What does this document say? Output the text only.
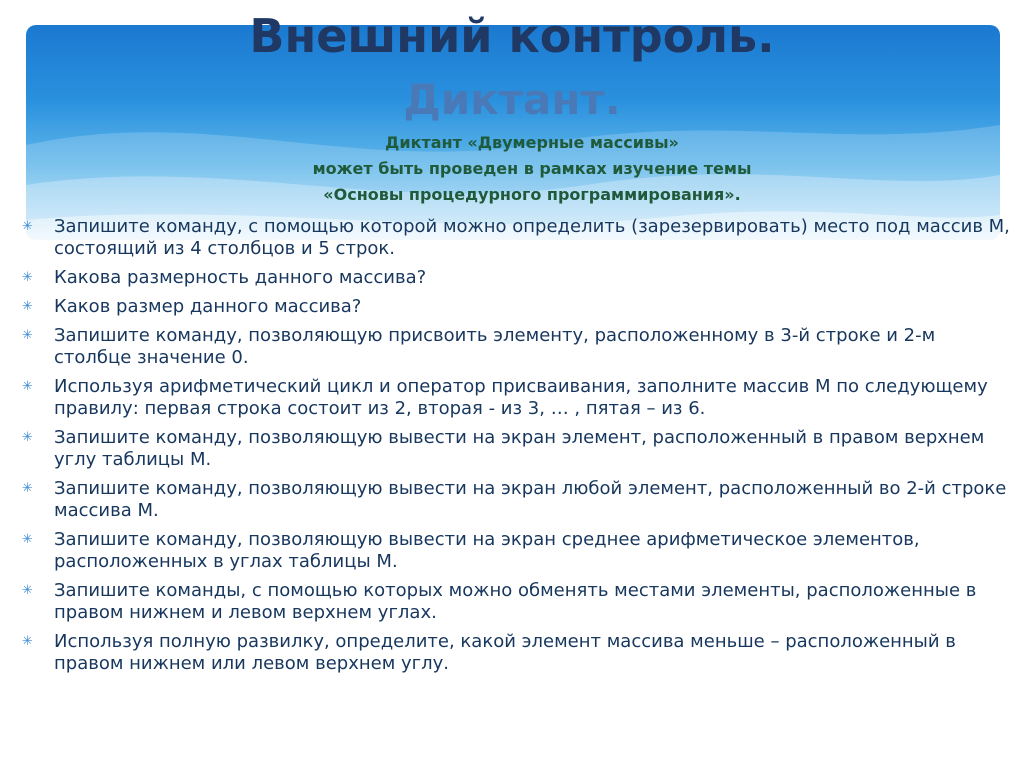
Внешний контроль.
Диктант.
Диктант «Двумерные массивы»
может быть проведен в рамках изучение темы
«Основы процедурного программирования».
✳ Запишите команду, с помощью которой можно определить (зарезервировать) место под массив М, состоящий из 4 столбцов и 5 строк.
✳ Какова размерность данного массива?
✳ Каков размер данного массива?
✳ Запишите команду, позволяющую присвоить элементу, расположенному в 3-й строке и 2-м столбце значение 0.
✳ Используя арифметический цикл и оператор присваивания, заполните массив М по следующему правилу: первая строка состоит из 2, вторая - из 3, … , пятая – из 6.
✳ Запишите команду, позволяющую вывести на экран элемент, расположенный в правом верхнем углу таблицы М.
✳ Запишите команду, позволяющую вывести на экран любой элемент, расположенный во 2-й строке массива М.
✳ Запишите команду, позволяющую вывести на экран среднее арифметическое элементов, расположенных в углах таблицы М.
✳ Запишите команды, с помощью которых можно обменять местами элементы, расположенные в правом нижнем и левом верхнем углах.
✳ Используя полную развилку, определите, какой элемент массива меньше – расположенный в правом нижнем или левом верхнем углу.
